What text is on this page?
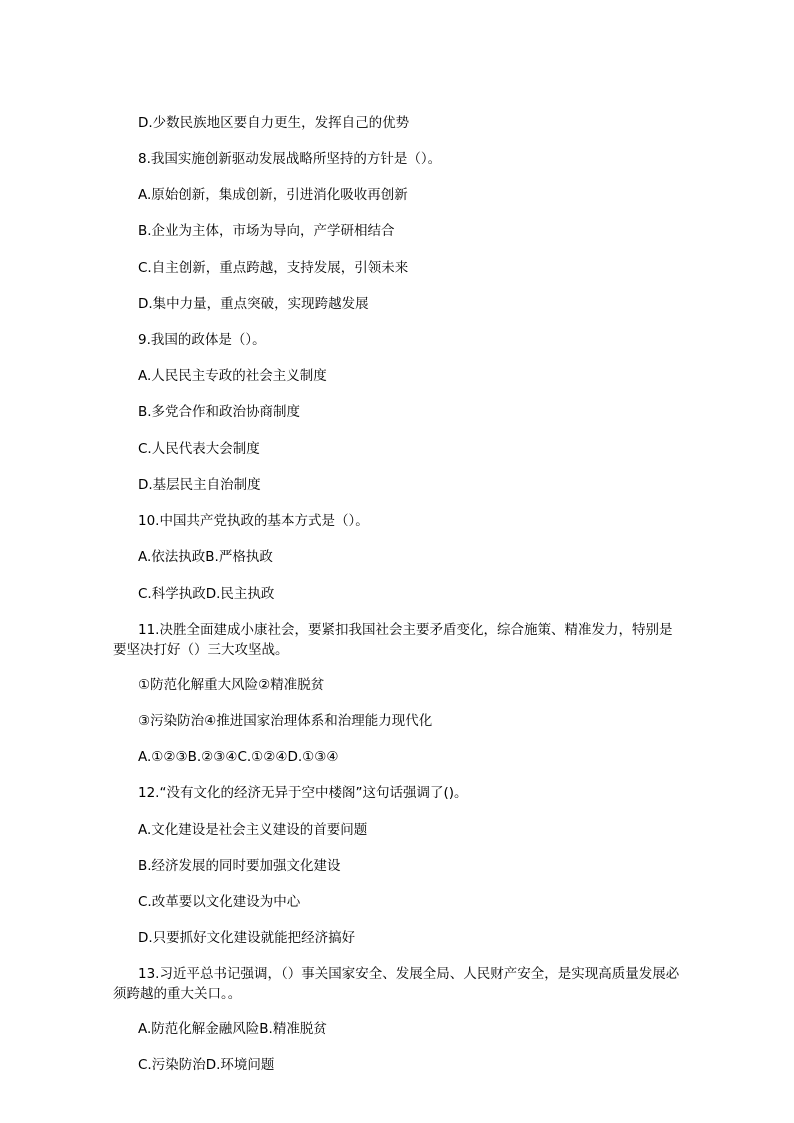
D.少数民族地区要自力更生，发挥自己的优势
8.我国实施创新驱动发展战略所坚持的方针是（）。
A.原始创新，集成创新，引进消化吸收再创新
B.企业为主体，市场为导向，产学研相结合
C.自主创新，重点跨越，支持发展，引领未来
D.集中力量，重点突破，实现跨越发展
9.我国的政体是（）。
A.人民民主专政的社会主义制度
B.多党合作和政治协商制度
C.人民代表大会制度
D.基层民主自治制度
10.中国共产党执政的基本方式是（）。
A.依法执政B.严格执政
C.科学执政D.民主执政
11.决胜全面建成小康社会，要紧扣我国社会主要矛盾变化，综合施策、精准发力，特别是要坚决打好（）三大攻坚战。
①防范化解重大风险②精准脱贫
③污染防治④推进国家治理体系和治理能力现代化
A.①②③B.②③④C.①②④D.①③④
12.“没有文化的经济无异于空中楼阁”这句话强调了()。
A.文化建设是社会主义建设的首要问题
B.经济发展的同时要加强文化建设
C.改革要以文化建设为中心
D.只要抓好文化建设就能把经济搞好
13.习近平总书记强调，（）事关国家安全、发展全局、人民财产安全，是实现高质量发展必须跨越的重大关口。。
A.防范化解金融风险B.精准脱贫
C.污染防治D.环境问题
